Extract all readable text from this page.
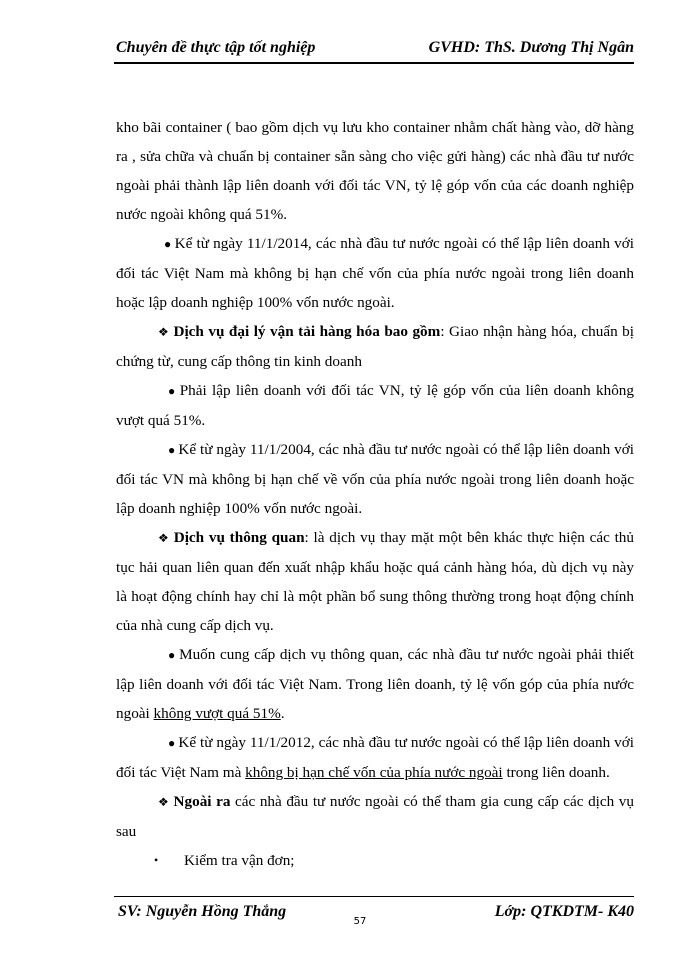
Chuyên đề thực tập tốt nghiệp	GVHD: ThS. Dương Thị Ngân

kho bãi container ( bao gồm dịch vụ lưu kho container nhằm chất hàng vào, dỡ hàng ra , sửa chữa và chuẩn bị container sẵn sàng cho việc gửi hàng) các nhà đầu tư nước ngoài phải thành lập liên doanh với đối tác VN, tỷ lệ góp vốn của các doanh nghiệp nước ngoài không quá 51%.

● Kể từ ngày 11/1/2014, các nhà đầu tư nước ngoài có thể lập liên doanh với đối tác Việt Nam mà không bị hạn chế vốn của phía nước ngoài trong liên doanh hoặc lập doanh nghiệp 100% vốn nước ngoài.

❖ Dịch vụ đại lý vận tải hàng hóa bao gồm: Giao nhận hàng hóa, chuẩn bị chứng từ, cung cấp thông tin kinh doanh

● Phải lập liên doanh với đối tác VN, tỷ lệ góp vốn của liên doanh không vượt quá 51%.

● Kể từ ngày 11/1/2004, các nhà đầu tư nước ngoài có thể lập liên doanh với đối tác VN mà không bị hạn chế về vốn của phía nước ngoài trong liên doanh hoặc lập doanh nghiệp 100% vốn nước ngoài.

❖ Dịch vụ thông quan: là dịch vụ thay mặt một bên khác thực hiện các thủ tục hải quan liên quan đến xuất nhập khẩu hoặc quá cảnh hàng hóa, dù dịch vụ này là hoạt động chính hay chỉ là một phần bổ sung thông thường trong hoạt động chính của nhà cung cấp dịch vụ.

● Muốn cung cấp dịch vụ thông quan, các nhà đầu tư nước ngoài phải thiết lập liên doanh với đối tác Việt Nam. Trong liên doanh, tỷ lệ vốn góp của phía nước ngoài không vượt quá 51%.

● Kể từ ngày 11/1/2012, các nhà đầu tư nước ngoài có thể lập liên doanh với đối tác Việt Nam mà không bị hạn chế vốn của phía nước ngoài trong liên doanh.

❖ Ngoài ra các nhà đầu tư nước ngoài có thể tham gia cung cấp các dịch vụ sau

•	Kiểm tra vận đơn;

SV: Nguyễn Hồng Thắng	Lớp: QTKDTM- K40
57
